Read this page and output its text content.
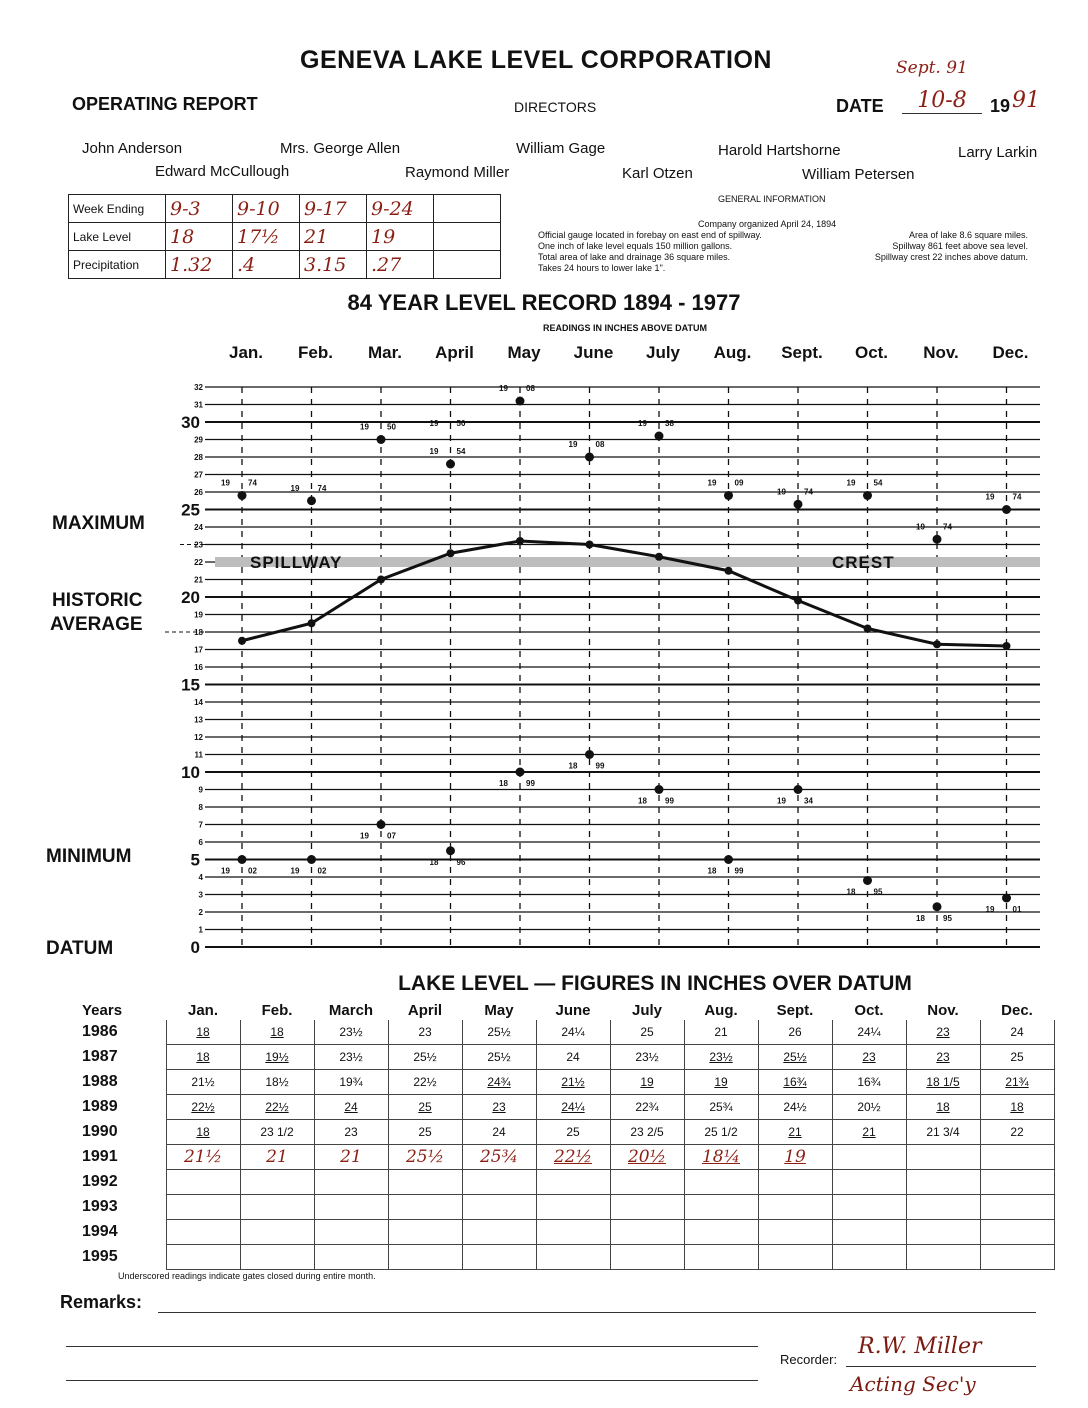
GENEVA LAKE LEVEL CORPORATION	Sept. 91
OPERATING REPORT	DIRECTORS	DATE	10-8	19 91
John Anderson	Mrs. George Allen	William Gage	Harold Hartshorne	Larry Larkin
Edward McCullough	Raymond Miller	Karl Otzen	William Petersen
Week Ending	9-3	9-10	9-17	9-24	
Lake Level	18	17½	21	19	
Precipitation	1.32	.4	3.15	.27	
GENERAL INFORMATION
Company organized April 24, 1894
Official gauge located in forebay on east end of spillway.
One inch of lake level equals 150 million gallons.
Total area of lake and drainage 36 square miles.
Takes 24 hours to lower lake 1".
Area of lake 8.6 square miles.
Spillway 861 feet above sea level.
Spillway crest 22 inches above datum.
84 YEAR LEVEL RECORD 1894 - 1977
READINGS IN INCHES ABOVE DATUM
MAXIMUM
HISTORIC
AVERAGE
MINIMUM
DATUM	0
1
2
3
4
5
6
7
8
9
10
11
12
13
14
15
16
17
18
19
20
21
22
23
24
25
26
27
28
29
30
31
32
Jan. Feb. Mar. April May June July Aug. Sept. Oct. Nov. Dec.
SPILLWAY	CREST
19 74
19 74
19 50
19 54
19 08
19 08
19 38
19 09
19 74
19 54
19 74
19 74
19 02	19 02
19 07
18 96
18 99
18 99
18 99
18 99
19 34
18 95
18 95
19 01
19 50
LAKE LEVEL — FIGURES IN INCHES OVER DATUM
Years	Jan.	Feb.	March	April	May	June	July	Aug.	Sept.	Oct.	Nov.	Dec.
1986	18	18	23½	23	25½	24¼	25	21	26	24¼	23	24
1987	18	19½	23½	25½	25½	24	23½	23½	25½	23	23	25
1988	21½	18½	19¾	22½	24¾	21½	19	19	16¾	16¾	18 1/5	21¾
1989	22½	22½	24	25	23	24¼	22¾	25¾	24½	20½	18	18
1990	18	23 1/2	23	25	24	25	23 2/5	25 1/2	21	21	21 3/4	22
1991	21½	21	21	25½	25¾	22½	20½	18¼	19			
1992												
1993												
1994												
1995												
Underscored readings indicate gates closed during entire month.
Remarks:
Recorder:
R.W. Miller
Acting Sec'y
